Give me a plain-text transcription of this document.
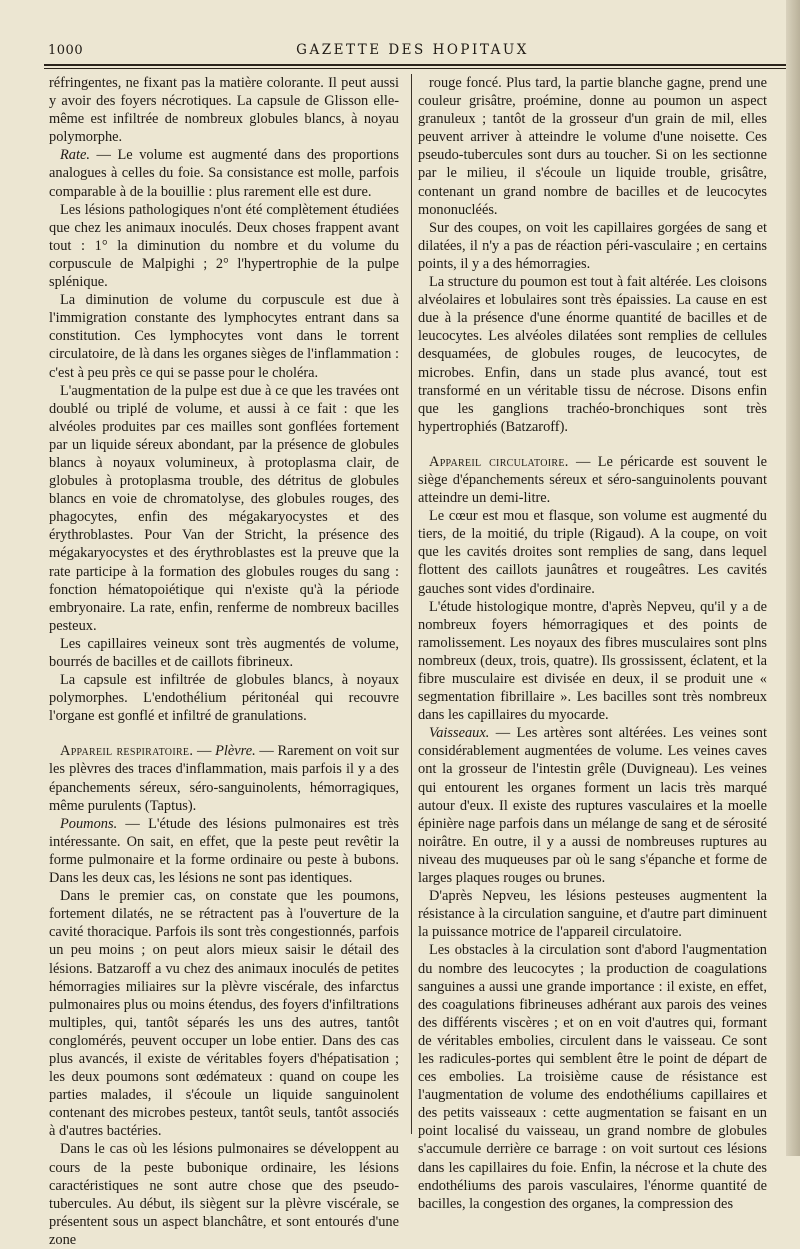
1000	GAZETTE DES HOPITAUX

réfringentes, ne fixant pas la matière colorante. Il peut aussi y avoir des foyers nécrotiques. La capsule de Glisson elle-même est infiltrée de nombreux globules blancs, à noyau polymorphe.

Rate. — Le volume est augmenté dans des proportions analogues à celles du foie. Sa consistance est molle, parfois comparable à de la bouillie : plus rarement elle est dure.

Les lésions pathologiques n'ont été complètement étudiées que chez les animaux inoculés. Deux choses frappent avant tout : 1° la diminution du nombre et du volume du corpuscule de Malpighi ; 2° l'hypertrophie de la pulpe splénique.

La diminution de volume du corpuscule est due à l'immigration constante des lymphocytes entrant dans sa constitution. Ces lymphocytes vont dans le torrent circulatoire, de là dans les organes sièges de l'inflammation : c'est à peu près ce qui se passe pour le choléra.

L'augmentation de la pulpe est due à ce que les travées ont doublé ou triplé de volume, et aussi à ce fait : que les alvéoles produites par ces mailles sont gonflées fortement par un liquide séreux abondant, par la présence de globules blancs à noyaux volumineux, à protoplasma clair, de globules à protoplasma trouble, des détritus de globules blancs en voie de chromatolyse, des globules rouges, des phagocytes, enfin des mégakaryocystes et des érythroblastes. Pour Van der Stricht, la présence des mégakaryocystes et des érythroblastes est la preuve que la rate participe à la formation des globules rouges du sang : fonction hématopoiétique qui n'existe qu'à la période embryonaire. La rate, enfin, renferme de nombreux bacilles pesteux.

Les capillaires veineux sont très augmentés de volume, bourrés de bacilles et de caillots fibrineux.

La capsule est infiltrée de globules blancs, à noyaux polymorphes. L'endothélium péritonéal qui recouvre l'organe est gonflé et infiltré de granulations.

Appareil respiratoire. — Plèvre. — Rarement on voit sur les plèvres des traces d'inflammation, mais parfois il y a des épanchements séreux, séro-sanguinolents, hémorragiques, même purulents (Taptus).

Poumons. — L'étude des lésions pulmonaires est très intéressante. On sait, en effet, que la peste peut revêtir la forme pulmonaire et la forme ordinaire ou peste à bubons. Dans les deux cas, les lésions ne sont pas identiques.

Dans le premier cas, on constate que les poumons, fortement dilatés, ne se rétractent pas à l'ouverture de la cavité thoracique. Parfois ils sont très congestionnés, parfois un peu moins ; on peut alors mieux saisir le détail des lésions. Batzaroff a vu chez des animaux inoculés de petites hémorragies miliaires sur la plèvre viscérale, des infarctus pulmonaires plus ou moins étendus, des foyers d'infiltrations multiples, qui, tantôt séparés les uns des autres, tantôt conglomérés, peuvent occuper un lobe entier. Dans des cas plus avancés, il existe de véritables foyers d'hépatisation ; les deux poumons sont œdémateux : quand on coupe les parties malades, il s'écoule un liquide sanguinolent contenant des microbes pesteux, tantôt seuls, tantôt associés à d'autres bactéries.

Dans le cas où les lésions pulmonaires se développent au cours de la peste bubonique ordinaire, les lésions caractéristiques ne sont autre chose que des pseudo-tubercules. Au début, ils siègent sur la plèvre viscérale, se présentent sous un aspect blanchâtre, et sont entourés d'une zone

rouge foncé. Plus tard, la partie blanche gagne, prend une couleur grisâtre, proémine, donne au poumon un aspect granuleux ; tantôt de la grosseur d'un grain de mil, elles peuvent arriver à atteindre le volume d'une noisette. Ces pseudo-tubercules sont durs au toucher. Si on les sectionne par le milieu, il s'écoule un liquide trouble, grisâtre, contenant un grand nombre de bacilles et de leucocytes mononucléés.

Sur des coupes, on voit les capillaires gorgées de sang et dilatées, il n'y a pas de réaction péri-vasculaire ; en certains points, il y a des hémorragies.

La structure du poumon est tout à fait altérée. Les cloisons alvéolaires et lobulaires sont très épaissies. La cause en est due à la présence d'une énorme quantité de bacilles et de leucocytes. Les alvéoles dilatées sont remplies de cellules desquamées, de globules rouges, de leucocytes, de microbes. Enfin, dans un stade plus avancé, tout est transformé en un véritable tissu de nécrose. Disons enfin que les ganglions trachéo-bronchiques sont très hypertrophiés (Batzaroff).

Appareil circulatoire. — Le péricarde est souvent le siège d'épanchements séreux et séro-sanguinolents pouvant atteindre un demi-litre.

Le cœur est mou et flasque, son volume est augmenté du tiers, de la moitié, du triple (Rigaud). A la coupe, on voit que les cavités droites sont remplies de sang, dans lequel flottent des caillots jaunâtres et rougeâtres. Les cavités gauches sont vides d'ordinaire.

L'étude histologique montre, d'après Nepveu, qu'il y a de nombreux foyers hémorragiques et des points de ramolissement. Les noyaux des fibres musculaires sont plns nombreux (deux, trois, quatre). Ils grossissent, éclatent, et la fibre musculaire est divisée en deux, il se produit une « segmentation fibrillaire ». Les bacilles sont très nombreux dans les capillaires du myocarde.

Vaisseaux. — Les artères sont altérées. Les veines sont considérablement augmentées de volume. Les veines caves ont la grosseur de l'intestin grêle (Duvigneau). Les veines qui entourent les organes forment un lacis très marqué autour d'eux. Il existe des ruptures vasculaires et la moelle épinière nage parfois dans un mélange de sang et de sérosité noirâtre. En outre, il y a aussi de nombreuses ruptures au niveau des muqueuses par où le sang s'épanche et forme de larges plaques rouges ou brunes.

D'après Nepveu, les lésions pesteuses augmentent la résistance à la circulation sanguine, et d'autre part diminuent la puissance motrice de l'appareil circulatoire.

Les obstacles à la circulation sont d'abord l'augmentation du nombre des leucocytes ; la production de coagulations sanguines a aussi une grande importance : il existe, en effet, des coagulations fibrineuses adhérant aux parois des veines des différents viscères ; et on en voit d'autres qui, formant de véritables embolies, circulent dans le vaisseau. Ce sont les radicules-portes qui semblent être le point de départ de ces embolies. La troisième cause de résistance est l'augmentation de volume des endothéliums capillaires et des petits vaisseaux : cette augmentation se faisant en un point localisé du vaisseau, un grand nombre de globules s'accumule derrière ce barrage : on voit surtout ces lésions dans les capillaires du foie. Enfin, la nécrose et la chute des endothéliums des parois vasculaires, l'énorme quantité de bacilles, la congestion des organes, la compression des
